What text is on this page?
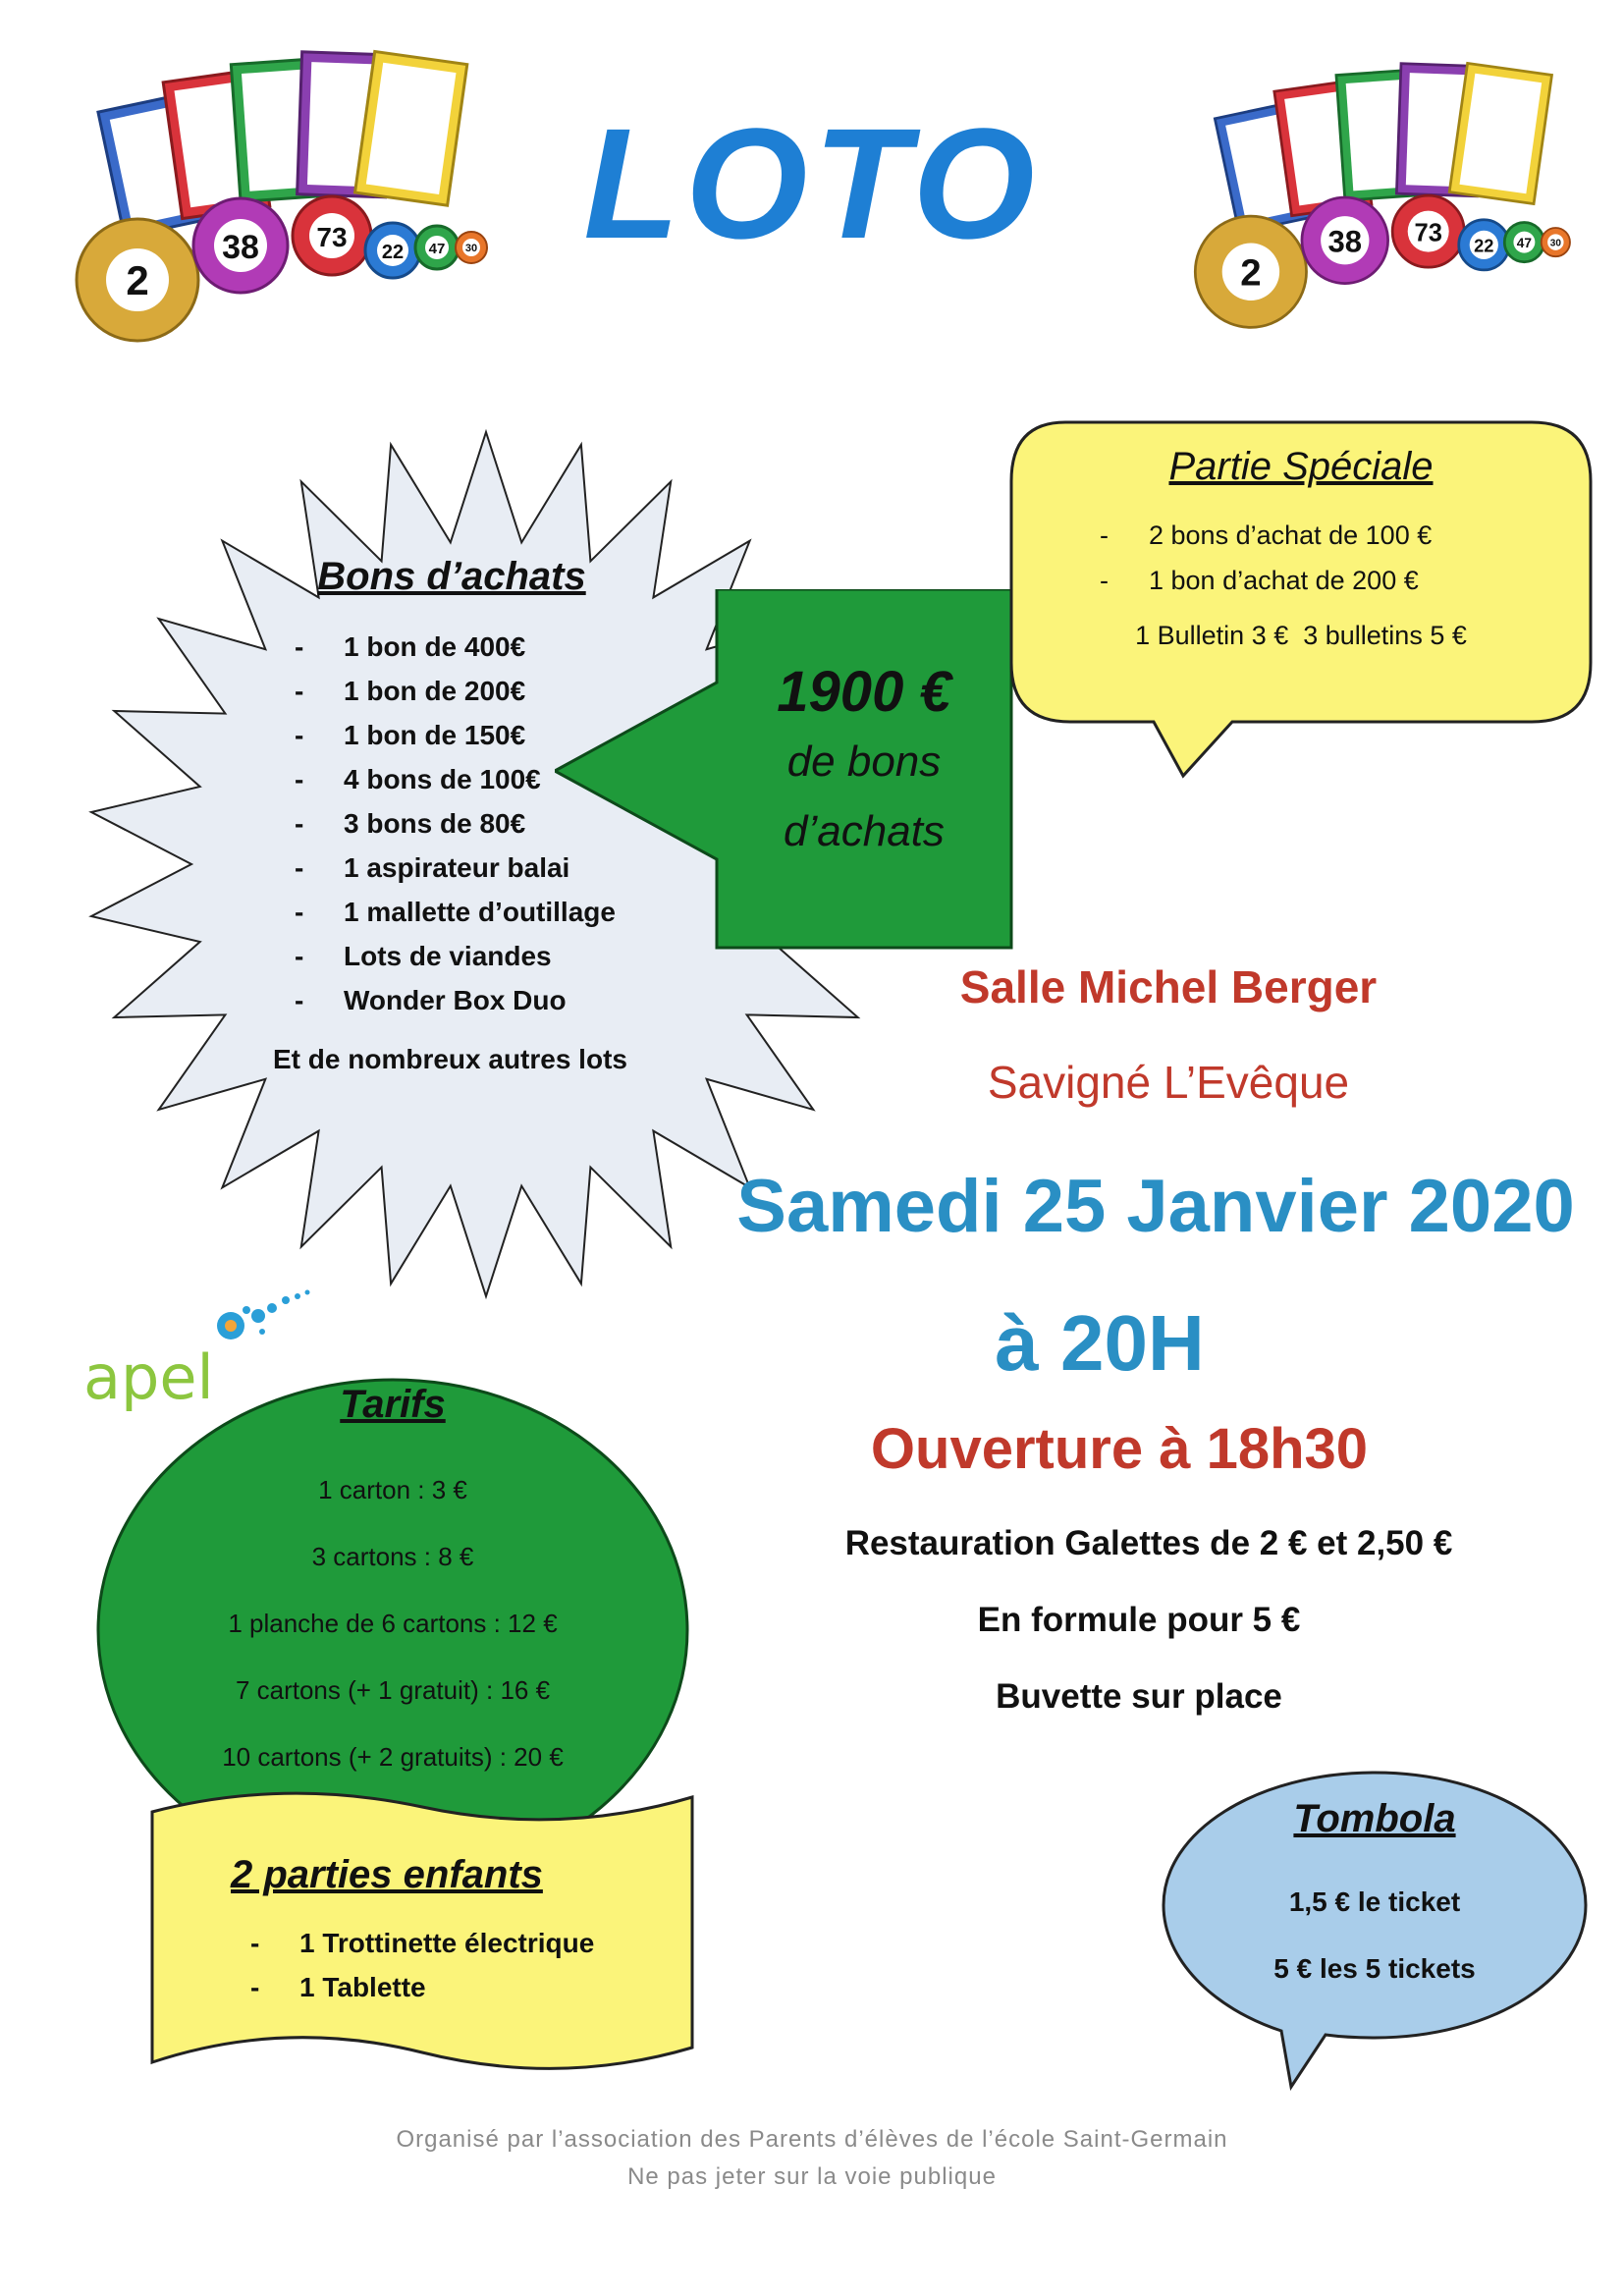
2
38 73 22 47 30
2
38 73 22 47 30
LOTO
Bons d’achats
- 1 bon de 400€
- 1 bon de 200€
- 1 bon de 150€
- 4 bons de 100€
- 3 bons de 80€
- 1 aspirateur balai
- 1 mallette d’outillage
- Lots de viandes
- Wonder Box Duo
Et de nombreux autres lots
1900 €
de bons
d’achats
Partie Spéciale
- 2 bons d’achat de 100 €
- 1 bon d’achat de 200 €
1 Bulletin 3 €  3 bulletins 5 €
Salle Michel Berger
Savigné L’Evêque
Samedi 25 Janvier 2020
à 20H
Ouverture à 18h30
Restauration Galettes de 2 € et 2,50 €
En formule pour 5 €
Buvette sur place
apel	Tarifs
1 carton : 3 €
3 cartons : 8 €
1 planche de 6 cartons : 12 €
7 cartons (+ 1 gratuit) : 16 €
10 cartons (+ 2 gratuits) : 20 €
2 parties enfants
- 1 Trottinette électrique
- 1 Tablette
Tombola
1,5 € le ticket
5 € les 5 tickets
Organisé par l’association des Parents d’élèves de l’école Saint-Germain
Ne pas jeter sur la voie publique
